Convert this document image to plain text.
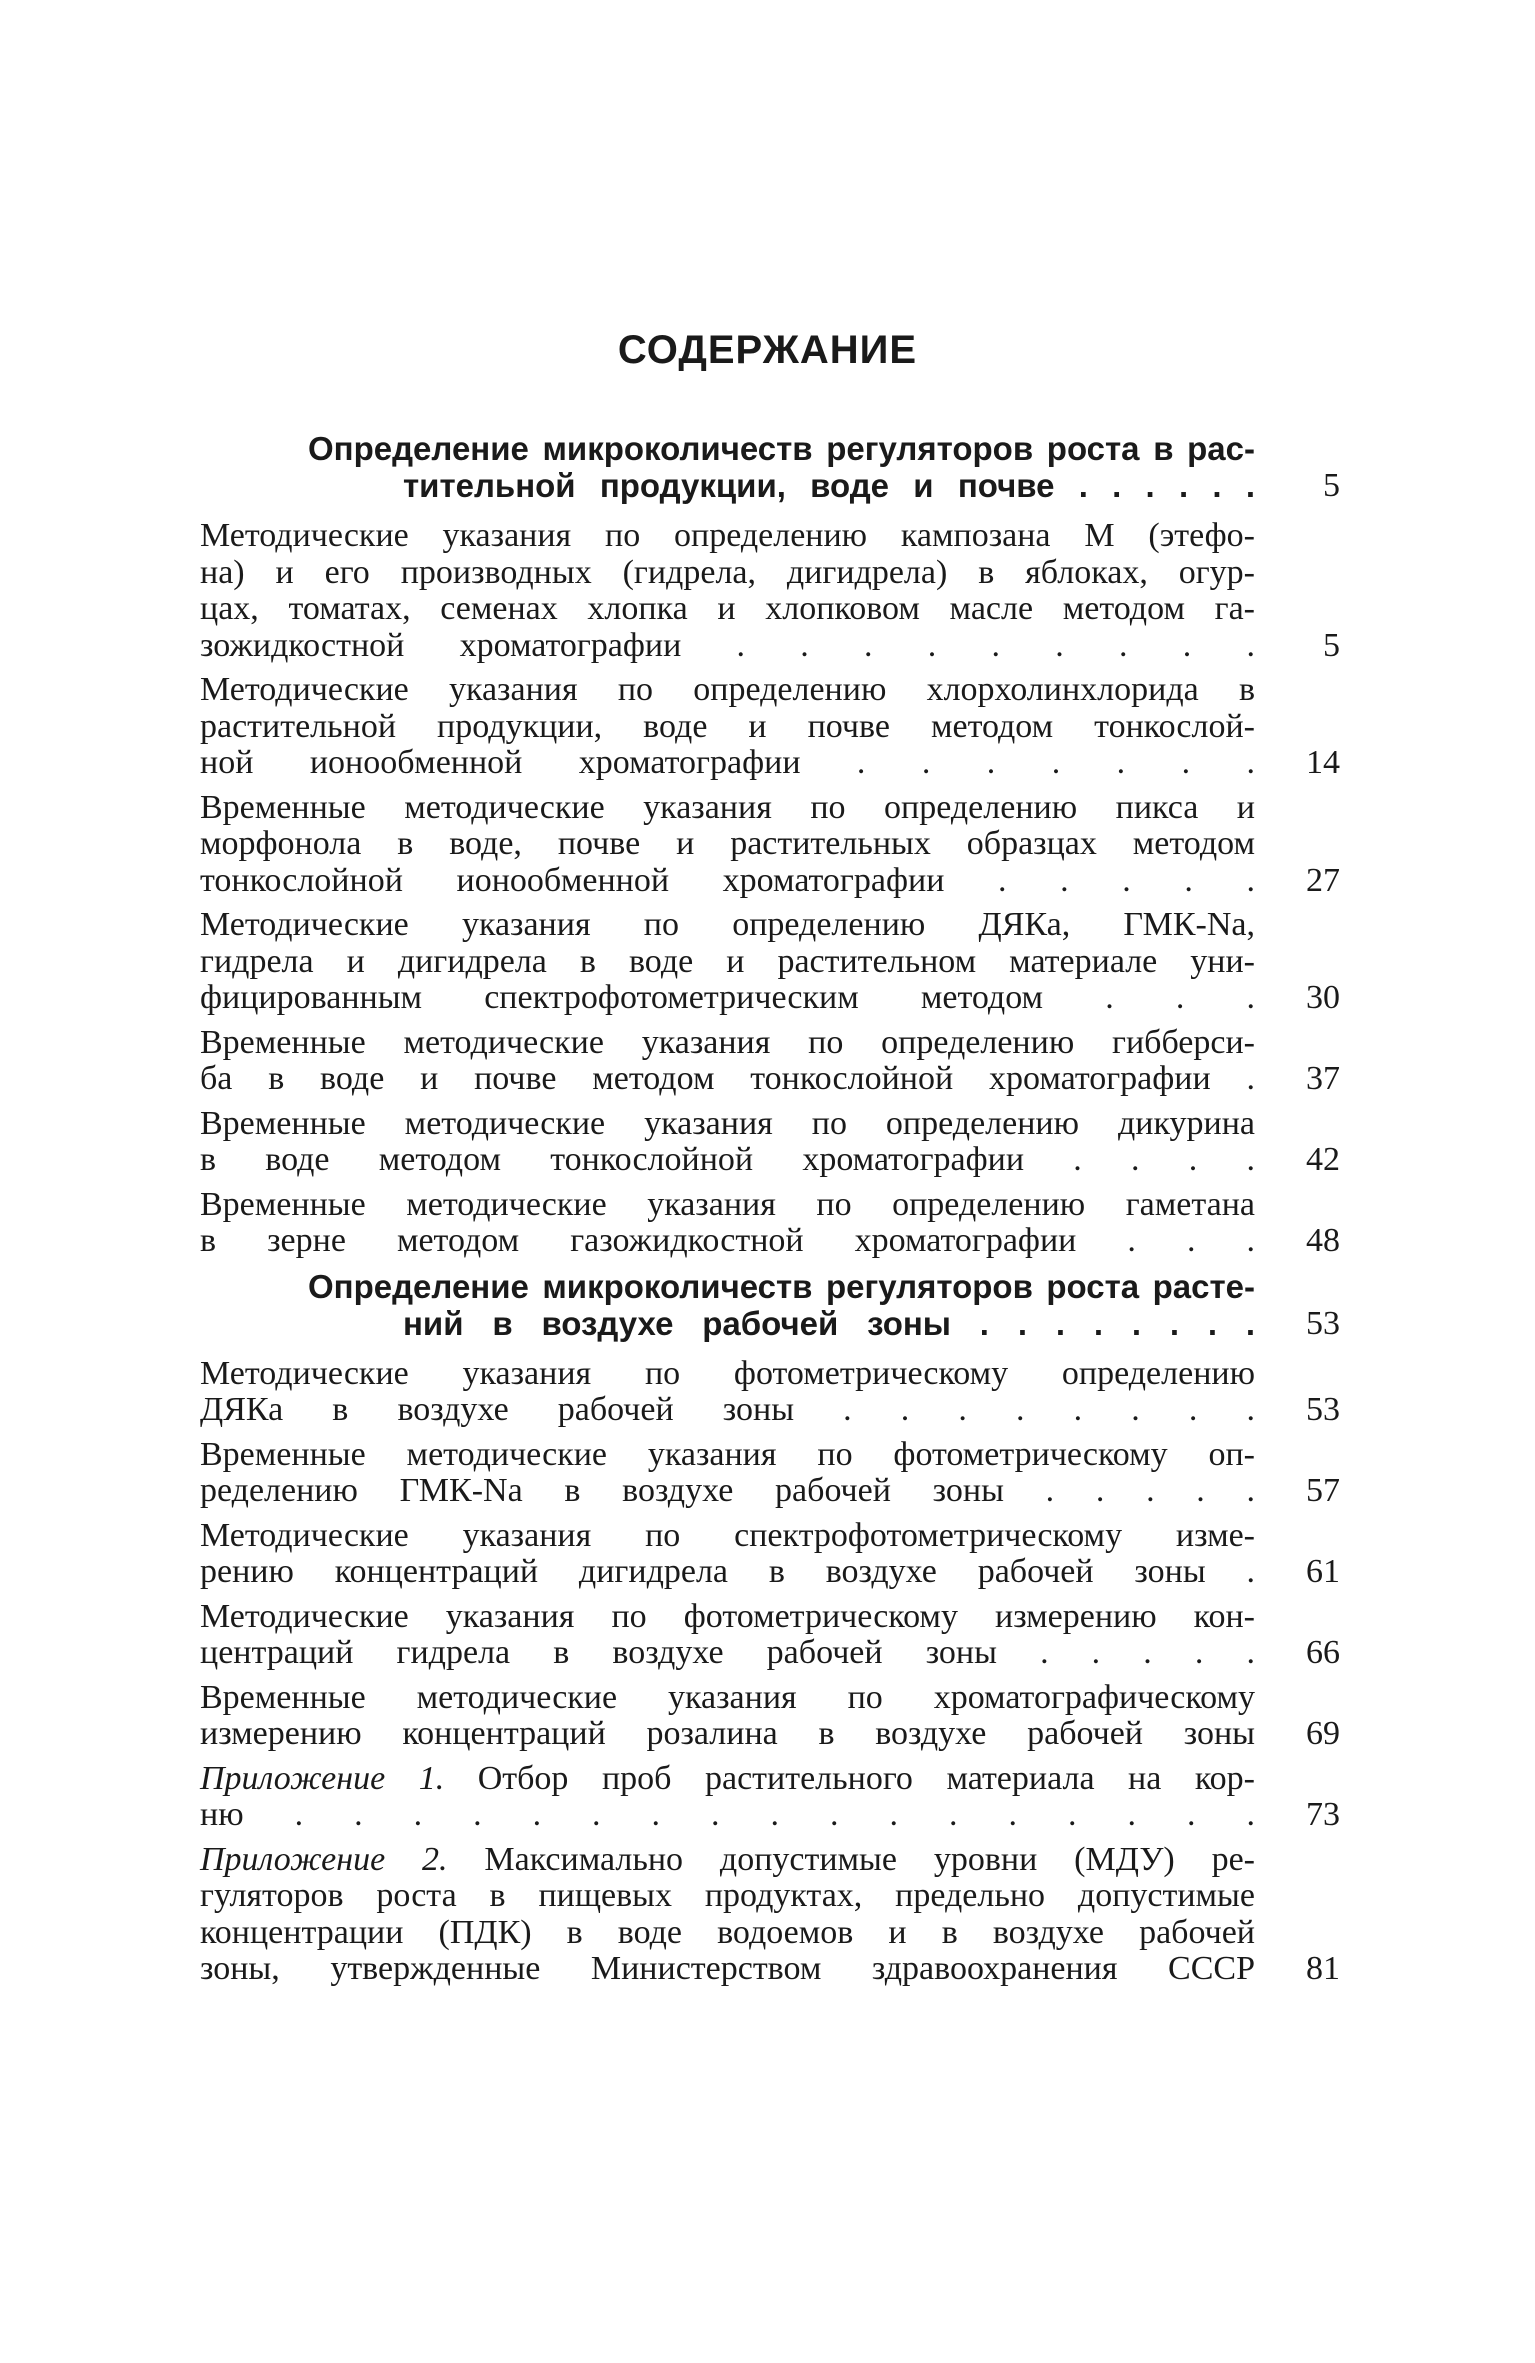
СОДЕРЖАНИЕ
Определение микроколичеств регуляторов роста в рас-
тительной продукции, воде и почве . . . . . .	5
Методические указания по определению кампозана М (этефо-
на) и его производных (гидрела, дигидрела) в яблоках, огур-
цах, томатах, семенах хлопка и хлопковом масле методом га-
зожидкостной хроматографии . . . . . . . . .	5
Методические указания по определению хлорхолинхлорида в
растительной продукции, воде и почве методом тонкослой-
ной ионообменной хроматографии . . . . . . .	14
Временные методические указания по определению пикса и
морфонола в воде, почве и растительных образцах методом
тонкослойной ионообменной хроматографии . . . . .	27
Методические указания по определению ДЯКа, ГМК-Na,
гидрела и дигидрела в воде и растительном материале уни-
фицированным спектрофотометрическим методом . . .	30
Временные методические указания по определению гибберси-
ба в воде и почве методом тонкослойной хроматографии .	37
Временные методические указания по определению дикурина
в воде методом тонкослойной хроматографии . . . .	42
Временные методические указания по определению гаметана
в зерне методом газожидкостной хроматографии . . .	48
Определение микроколичеств регуляторов роста расте-
ний в воздухе рабочей зоны . . . . . . . .	53
Методические указания по фотометрическому определению
ДЯКа в воздухе рабочей зоны . . . . . . . .	53
Временные методические указания по фотометрическому оп-
ределению ГМК-Na в воздухе рабочей зоны . . . . .	57
Методические указания по спектрофотометрическому изме-
рению концентраций дигидрела в воздухе рабочей зоны .	61
Методические указания по фотометрическому измерению кон-
центраций гидрела в воздухе рабочей зоны . . . . .	66
Временные методические указания по хроматографическому
измерению концентраций розалина в воздухе рабочей зоны	69
Приложение 1. Отбор проб растительного материала на кор-
ню . . . . . . . . . . . . . . . . .	73
Приложение 2. Максимально допустимые уровни (МДУ) ре-
гуляторов роста в пищевых продуктах, предельно допустимые
концентрации (ПДК) в воде водоемов и в воздухе рабочей
зоны, утвержденные Министерством здравоохранения СССР	81
